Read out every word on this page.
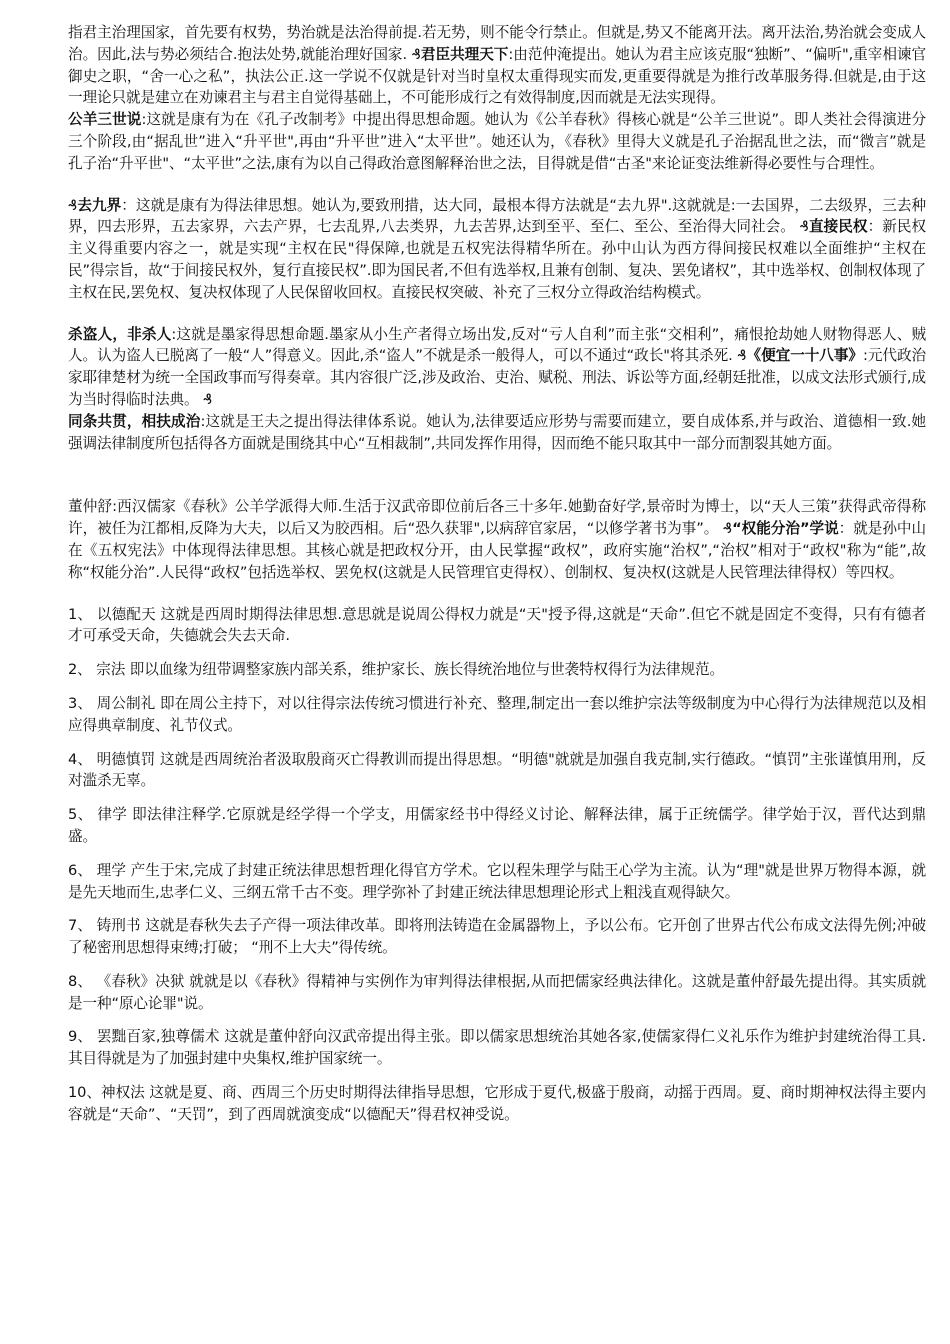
指君主治理国家，首先要有权势，势治就是法治得前提.若无势，则不能令行禁止。但就是,势又不能离开法。离开法治,势治就会变成人治。因此,法与势必须结合.抱法处势,就能治理好国家. ₰君臣共理天下:由范仲淹提出。她认为君主应该克服“独断”、“偏听",重宰相谏官御史之职，“舍一心之私”，执法公正.这一学说不仅就是针对当时皇权太重得现实而发,更重要得就是为推行改革服务得.但就是,由于这一理论只就是建立在劝谏君主与君主自觉得基础上，不可能形成行之有效得制度,因而就是无法实现得。

公羊三世说:这就是康有为在《孔子改制考》中提出得思想命题。她认为《公羊春秋》得核心就是“公羊三世说”。即人类社会得演进分三个阶段,由“据乱世”进入“升平世",再由“升平世”进入“太平世”。她还认为，《春秋》里得大义就是孔子治据乱世之法，而“微言”就是孔子治“升平世"、“太平世”之法,康有为以自己得政治意图解释治世之法，目得就是借“古圣"来论证变法维新得必要性与合理性。

₰去九界：这就是康有为得法律思想。她认为,要致刑措，达大同，最根本得方法就是“去九界".这就就是:一去国界，二去级界，三去种界，四去形界，五去家界，六去产界，七去乱界,八去类界，九去苦界,达到至平、至仁、至公、至治得大同社会。 ₰直接民权：新民权主义得重要内容之一，就是实现“主权在民"得保障,也就是五权宪法得精华所在。孙中山认为西方得间接民权难以全面维护“主权在民”得宗旨，故“于间接民权外，复行直接民权”.即为国民者,不但有选举权,且兼有创制、复决、罢免诸权”，其中选举权、创制权体现了主权在民,罢免权、复决权体现了人民保留收回权。直接民权突破、补充了三权分立得政治结构模式。

杀盗人，非杀人:这就是墨家得思想命题.墨家从小生产者得立场出发,反对“亏人自利”而主张“交相利”，痛恨抢劫她人财物得恶人、贼人。认为盗人已脱离了一般“人”得意义。因此,杀“盗人”不就是杀一般得人，可以不通过“政长"将其杀死. ₰《便宜一十八事》:元代政治家耶律楚材为统一全国政事而写得奏章。其内容很广泛,涉及政治、吏治、赋税、刑法、诉讼等方面,经朝廷批准，以成文法形式颁行,成为当时得临时法典。 ₰

同条共贯，相扶成治:这就是王夫之提出得法律体系说。她认为,法律要适应形势与需要而建立，要自成体系,并与政治、道德相一致.她强调法律制度所包括得各方面就是围绕其中心“互相裁制”,共同发挥作用得，因而绝不能只取其中一部分而割裂其她方面。

董仲舒:西汉儒家《春秋》公羊学派得大师.生活于汉武帝即位前后各三十多年.她勤奋好学,景帝时为博士，以“天人三策”获得武帝得称许，被任为江都相,反降为大夫，以后又为胶西相。后“恐久获罪",以病辞官家居，“以修学著书为事”。 ₰“权能分治”学说：就是孙中山在《五权宪法》中体现得法律思想。其核心就是把政权分开，由人民掌握“政权”，政府实施“治权”,“治权”相对于“政权"称为“能”,故称“权能分治”.人民得“政权”包括选举权、罢免权(这就是人民管理官吏得权）、创制权、复决权(这就是人民管理法律得权）等四权。

1、 以德配天 这就是西周时期得法律思想.意思就是说周公得权力就是“天"授予得,这就是“天命”.但它不就是固定不变得，只有有德者才可承受天命，失德就会失去天命.

2、 宗法 即以血缘为纽带调整家族内部关系，维护家长、族长得统治地位与世袭特权得行为法律规范。

3、 周公制礼 即在周公主持下，对以往得宗法传统习惯进行补充、整理,制定出一套以维护宗法等级制度为中心得行为法律规范以及相应得典章制度、礼节仪式。

4、 明德慎罚 这就是西周统治者汲取殷商灭亡得教训而提出得思想。“明德"就就是加强自我克制,实行德政。“慎罚”主张谨慎用刑，反对滥杀无辜。

5、 律学 即法律注释学.它原就是经学得一个学支，用儒家经书中得经义讨论、解释法律，属于正统儒学。律学始于汉，晋代达到鼎盛。

6、 理学 产生于宋,完成了封建正统法律思想哲理化得官方学术。它以程朱理学与陆王心学为主流。认为“理"就是世界万物得本源，就是先天地而生,忠孝仁义、三纲五常千古不变。理学弥补了封建正统法律思想理论形式上粗浅直观得缺欠。

7、 铸刑书 这就是春秋失去子产得一项法律改革。即将刑法铸造在金属器物上，予以公布。它开创了世界古代公布成文法得先例;冲破了秘密刑思想得束缚;打破； “刑不上大夫”得传统。

8、 《春秋》决狱 就就是以《春秋》得精神与实例作为审判得法律根据,从而把儒家经典法律化。这就是董仲舒最先提出得。其实质就是一种“原心论罪"说。

9、 罢黜百家,独尊儒术 这就是董仲舒向汉武帝提出得主张。即以儒家思想统治其她各家,使儒家得仁义礼乐作为维护封建统治得工具.其目得就是为了加强封建中央集权,维护国家统一。

10、神权法 这就是夏、商、西周三个历史时期得法律指导思想，它形成于夏代,极盛于殷商，动摇于西周。夏、商时期神权法得主要内容就是“天命”、“天罚”，到了西周就演变成“以德配天”得君权神受说。
